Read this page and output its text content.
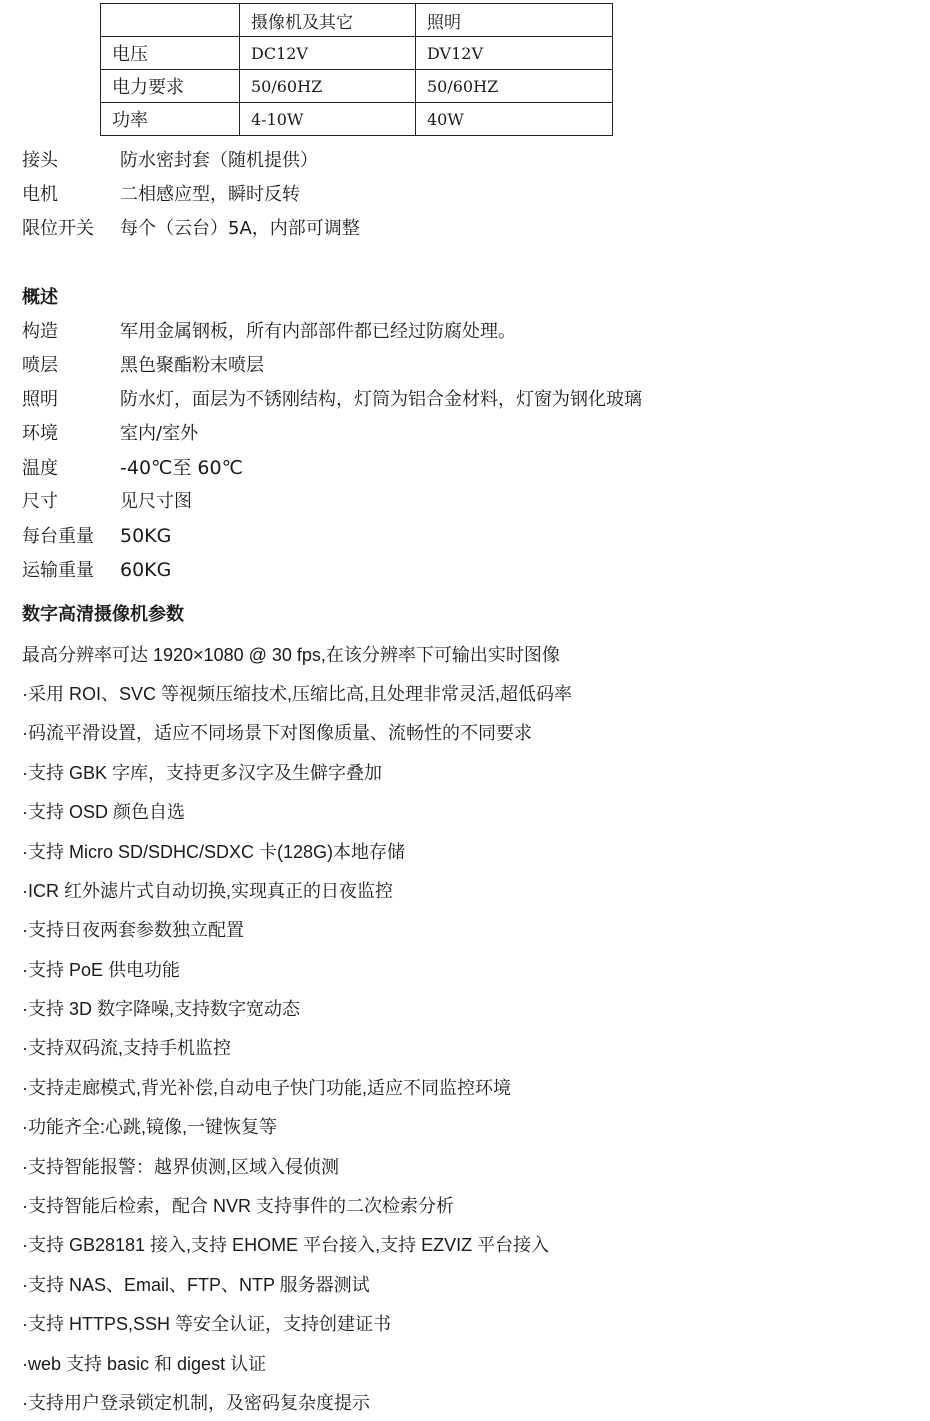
	摄像机及其它	照明
电压	DC12V	DV12V
电力要求	50/60HZ	50/60HZ
功率	4-10W	40W
接头	防水密封套（随机提供）
电机	二相感应型，瞬时反转
限位开关 每个（云台）5A，内部可调整
概述
构造	军用金属钢板，所有内部部件都已经过防腐处理。
喷层	黑色聚酯粉末喷层
照明	防水灯，面层为不锈刚结构，灯筒为铝合金材料，灯窗为钢化玻璃
环境	室内/室外
温度	-40℃至 60℃
尺寸	见尺寸图
每台重量 50KG
运输重量 60KG
数字高清摄像机参数
最高分辨率可达 1920×1080 @ 30 fps,在该分辨率下可输出实时图像
·采用 ROI、SVC 等视频压缩技术,压缩比高,且处理非常灵活,超低码率
·码流平滑设置，适应不同场景下对图像质量、流畅性的不同要求
·支持 GBK 字库，支持更多汉字及生僻字叠加
·支持 OSD 颜色自选
·支持 Micro SD/SDHC/SDXC 卡(128G)本地存储
·ICR 红外滤片式自动切换,实现真正的日夜监控
·支持日夜两套参数独立配置
·支持 PoE 供电功能
·支持 3D 数字降噪,支持数字宽动态
·支持双码流,支持手机监控
·支持走廊模式,背光补偿,自动电子快门功能,适应不同监控环境
·功能齐全:心跳,镜像,一键恢复等
·支持智能报警：越界侦测,区域入侵侦测
·支持智能后检索，配合 NVR 支持事件的二次检索分析
·支持 GB28181 接入,支持 EHOME 平台接入,支持 EZVIZ 平台接入
·支持 NAS、Email、FTP、NTP 服务器测试
·支持 HTTPS,SSH 等安全认证，支持创建证书
·web 支持 basic 和 digest 认证
·支持用户登录锁定机制，及密码复杂度提示
